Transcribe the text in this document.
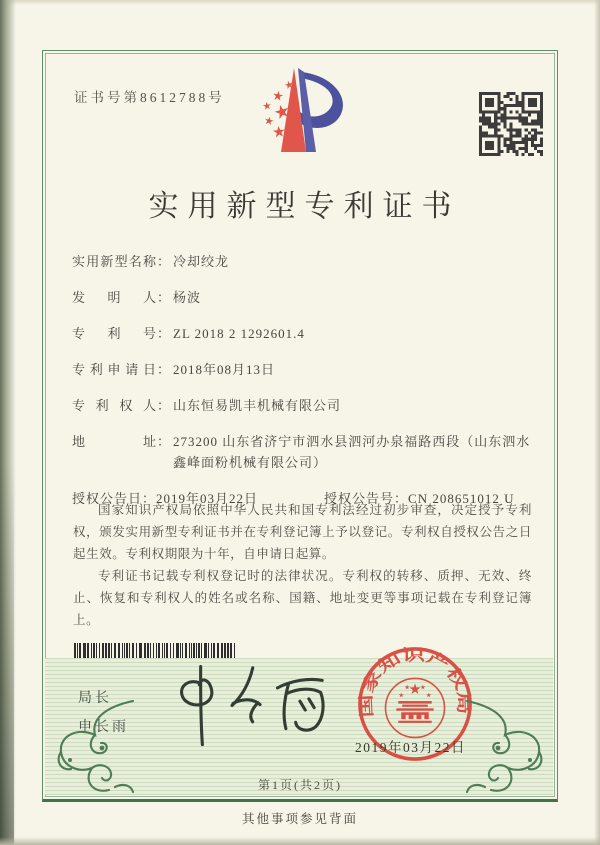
证书号第8612788号
实用新型专利证书
实用新型名称 ： 冷却绞龙
发明人 ： 杨波
专利号 ： ZL 2018 2 1292601.4
专利申请日 ： 2018年08月13日
专利权人 ： 山东恒易凯丰机械有限公司
地址 ： 273200 山东省济宁市泗水县泗河办泉福路西段（山东泗水鑫峰面粉机械有限公司）
授权公告日 ： 2019年03月22日	授权公告号 ： CN 208651012 U

国家知识产权局依照中华人民共和国专利法经过初步审查，决定授予专利权，颁发实用新型专利证书并在专利登记簿上予以登记。专利权自授权公告之日起生效。专利权期限为十年，自申请日起算。

专利证书记载专利权登记时的法律状况。专利权的转移、质押、无效、终止、恢复和专利权人的姓名或名称、国籍、地址变更等事项记载在专利登记簿上。

局长
申长雨
国家知识产权局
2019年03月22日
第1页(共2页)
其他事项参见背面
